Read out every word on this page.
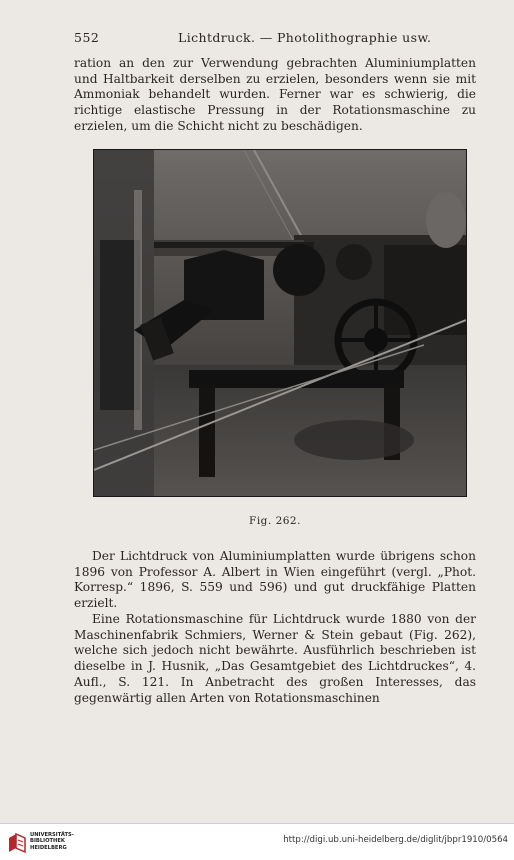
552	Lichtdruck. — Photolithographie usw.

ration an den zur Verwendung gebrachten Aluminiumplatten und Haltbarkeit derselben zu erzielen, besonders wenn sie mit Ammoniak behandelt wurden. Ferner war es schwierig, die richtige elastische Pressung in der Rotationsmaschine zu erzielen, um die Schicht nicht zu beschädigen.

Fig. 262.

Der Lichtdruck von Aluminiumplatten wurde übrigens schon 1896 von Professor A. Albert in Wien eingeführt (vergl. „Phot. Korresp.“ 1896, S. 559 und 596) und gut druckfähige Platten erzielt.

Eine Rotationsmaschine für Lichtdruck wurde 1880 von der Maschinenfabrik Schmiers, Werner & Stein gebaut (Fig. 262), welche sich jedoch nicht bewährte. Ausführlich beschrieben ist dieselbe in J. Husnik, „Das Gesamtgebiet des Lichtdruckes“, 4. Aufl., S. 121. In Anbetracht des großen Interesses, das gegenwärtig allen Arten von Rotationsmaschinen

UNIVERSITÄTS-
BIBLIOTHEK
HEIDELBERG
http://digi.ub.uni-heidelberg.de/diglit/jbpr1910/0564
